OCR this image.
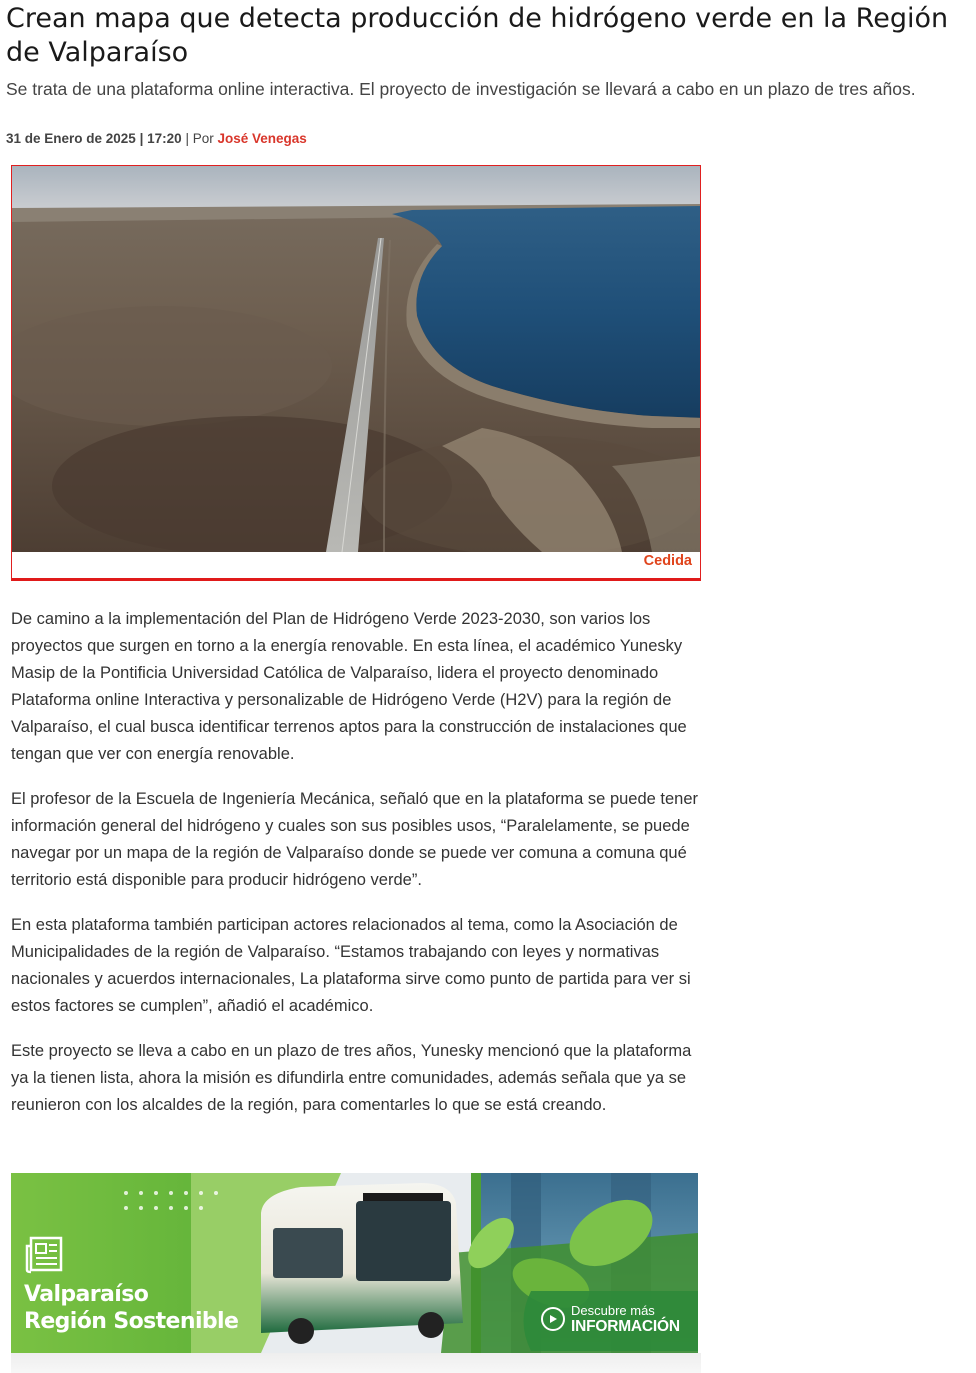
Crean mapa que detecta producción de hidrógeno verde en la Región de Valparaíso

Se trata de una plataforma online interactiva. El proyecto de investigación se llevará a cabo en un plazo de tres años.

31 de Enero de 2025 | 17:20 | Por José Venegas
Cedida

De camino a la implementación del Plan de Hidrógeno Verde 2023-2030, son varios los proyectos que surgen en torno a la energía renovable. En esta línea, el académico Yunesky Masip de la Pontificia Universidad Católica de Valparaíso, lidera el proyecto denominado Plataforma online Interactiva y personalizable de Hidrógeno Verde (H2V) para la región de Valparaíso, el cual busca identificar terrenos aptos para la construcción de instalaciones que tengan que ver con energía renovable.

El profesor de la Escuela de Ingeniería Mecánica, señaló que en la plataforma se puede tener información general del hidrógeno y cuales son sus posibles usos, “Paralelamente, se puede navegar por un mapa de la región de Valparaíso donde se puede ver comuna a comuna qué territorio está disponible para producir hidrógeno verde”.

En esta plataforma también participan actores relacionados al tema, como la Asociación de Municipalidades de la región de Valparaíso. “Estamos trabajando con leyes y normativas nacionales y acuerdos internacionales, La plataforma sirve como punto de partida para ver si estos factores se cumplen”, añadió el académico.

Este proyecto se lleva a cabo en un plazo de tres años, Yunesky mencionó que la plataforma ya la tienen lista, ahora la misión es difundirla entre comunidades, además señala que ya se reunieron con los alcaldes de la región, para comentarles lo que se está creando.

Valparaíso
Región Sostenible	Descubre más
INFORMACIÓN
